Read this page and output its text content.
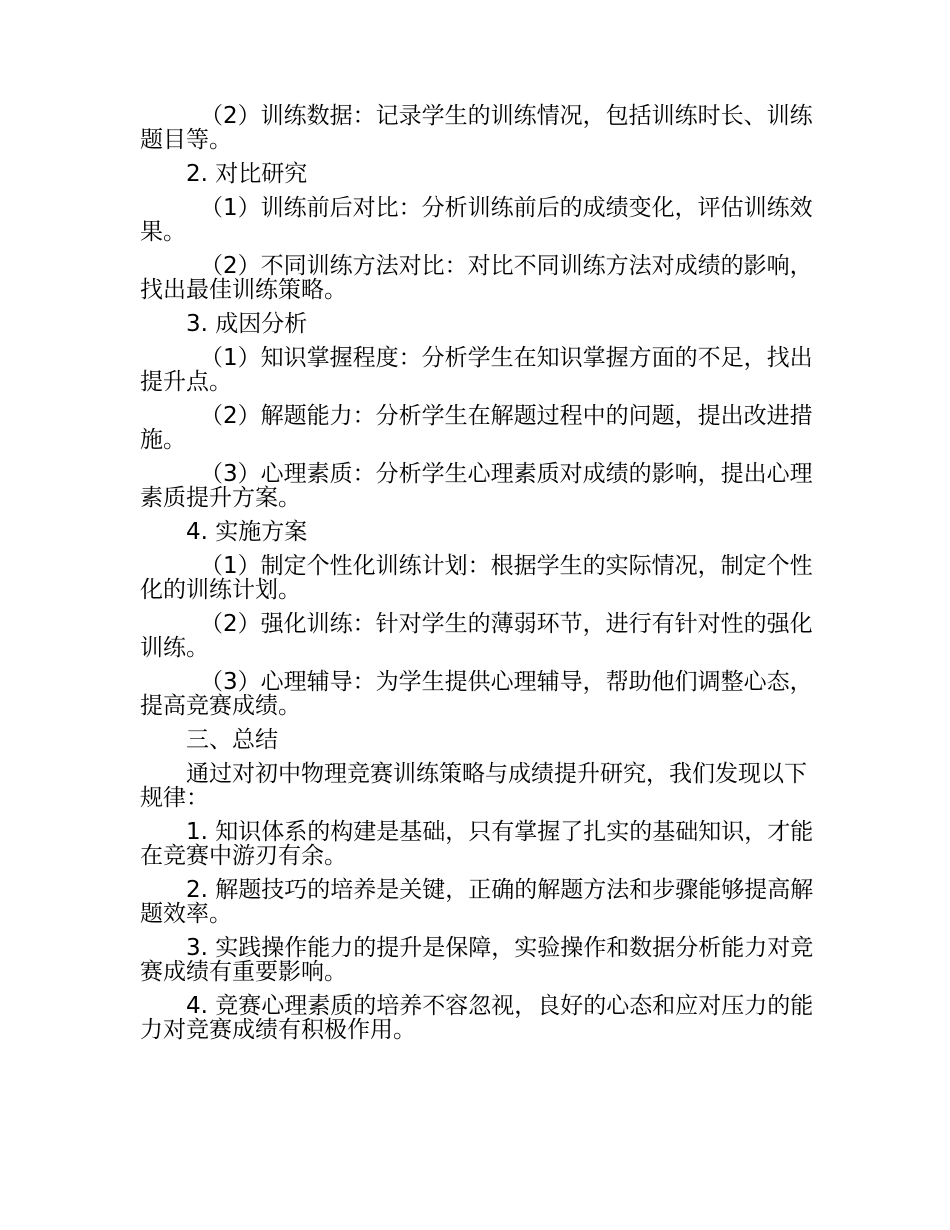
（2）训练数据：记录学生的训练情况，包括训练时长、训练题目等。

2. 对比研究

（1）训练前后对比：分析训练前后的成绩变化，评估训练效果。

（2）不同训练方法对比：对比不同训练方法对成绩的影响，找出最佳训练策略。

3. 成因分析

（1）知识掌握程度：分析学生在知识掌握方面的不足，找出提升点。

（2）解题能力：分析学生在解题过程中的问题，提出改进措施。

（3）心理素质：分析学生心理素质对成绩的影响，提出心理素质提升方案。

4. 实施方案

（1）制定个性化训练计划：根据学生的实际情况，制定个性化的训练计划。

（2）强化训练：针对学生的薄弱环节，进行有针对性的强化训练。

（3）心理辅导：为学生提供心理辅导，帮助他们调整心态，提高竞赛成绩。

三、总结

通过对初中物理竞赛训练策略与成绩提升研究，我们发现以下规律：

1. 知识体系的构建是基础，只有掌握了扎实的基础知识，才能在竞赛中游刃有余。

2. 解题技巧的培养是关键，正确的解题方法和步骤能够提高解题效率。

3. 实践操作能力的提升是保障，实验操作和数据分析能力对竞赛成绩有重要影响。

4. 竞赛心理素质的培养不容忽视，良好的心态和应对压力的能力对竞赛成绩有积极作用。
